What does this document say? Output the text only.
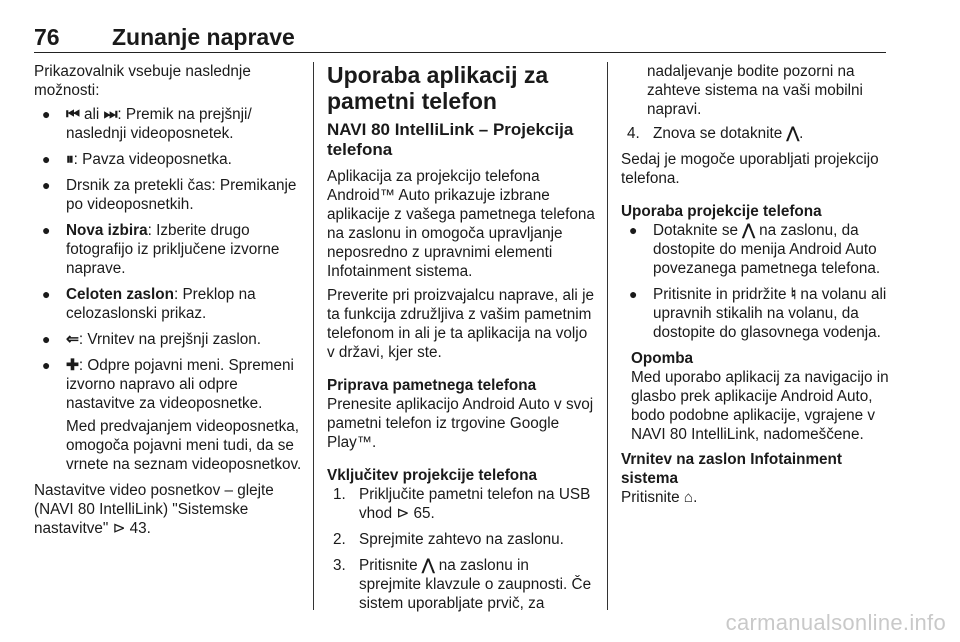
76 Zunanje naprave

Prikazovalnik vsebuje naslednje možnosti:

● ⏮ ali ⏭: Premik na prejšnji/ naslednji videoposnetek.
● ⏸: Pavza videoposnetka.
● Drsnik za pretekli čas: Premikanje po videoposnetkih.
● Nova izbira: Izberite drugo fotografijo iz priključene izvorne naprave.
● Celoten zaslon: Preklop na celozaslonski prikaz.
● ⇐: Vrnitev na prejšnji zaslon.
● ✚: Odpre pojavni meni. Spremeni izvorno napravo ali odpre nastavitve za videoposnetke.
Med predvajanjem videoposnetka, omogoča pojavni meni tudi, da se vrnete na seznam videoposnetkov.

Nastavitve video posnetkov – glejte (NAVI 80 IntelliLink) "Sistemske nastavitve" ⊳ 43.

Uporaba aplikacij za pametni telefon
NAVI 80 IntelliLink – Projekcija telefona

Aplikacija za projekcijo telefona Android™ Auto prikazuje izbrane aplikacije z vašega pametnega telefona na zaslonu in omogoča upravljanje neposredno z upravnimi elementi Infotainment sistema.

Preverite pri proizvajalcu naprave, ali je ta funkcija združljiva z vašim pametnim telefonom in ali je ta aplikacija na voljo v državi, kjer ste.

Priprava pametnega telefona

Prenesite aplikacijo Android Auto v svoj pametni telefon iz trgovine Google Play™.

Vključitev projekcije telefona

1. Priključite pametni telefon na USB vhod ⊳ 65.
2. Sprejmite zahtevo na zaslonu.
3. Pritisnite ⋀ na zaslonu in sprejmite klavzule o zaupnosti. Če sistem uporabljate prvič, za

nadaljevanje bodite pozorni na zahteve sistema na vaši mobilni napravi.

4. Znova se dotaknite ⋀.

Sedaj je mogoče uporabljati projekcijo telefona.

Uporaba projekcije telefona

● Dotaknite se ⋀ na zaslonu, da dostopite do menija Android Auto povezanega pametnega telefona.
● Pritisnite in pridržite ♮ na volanu ali upravnih stikalih na volanu, da dostopite do glasovnega vodenja.

Opomba

Med uporabo aplikacij za navigacijo in glasbo prek aplikacije Android Auto, bodo podobne aplikacije, vgrajene v NAVI 80 IntelliLink, nadomeščene.

Vrnitev na zaslon Infotainment sistema

Pritisnite ⌂.

carmanualsonline.info
